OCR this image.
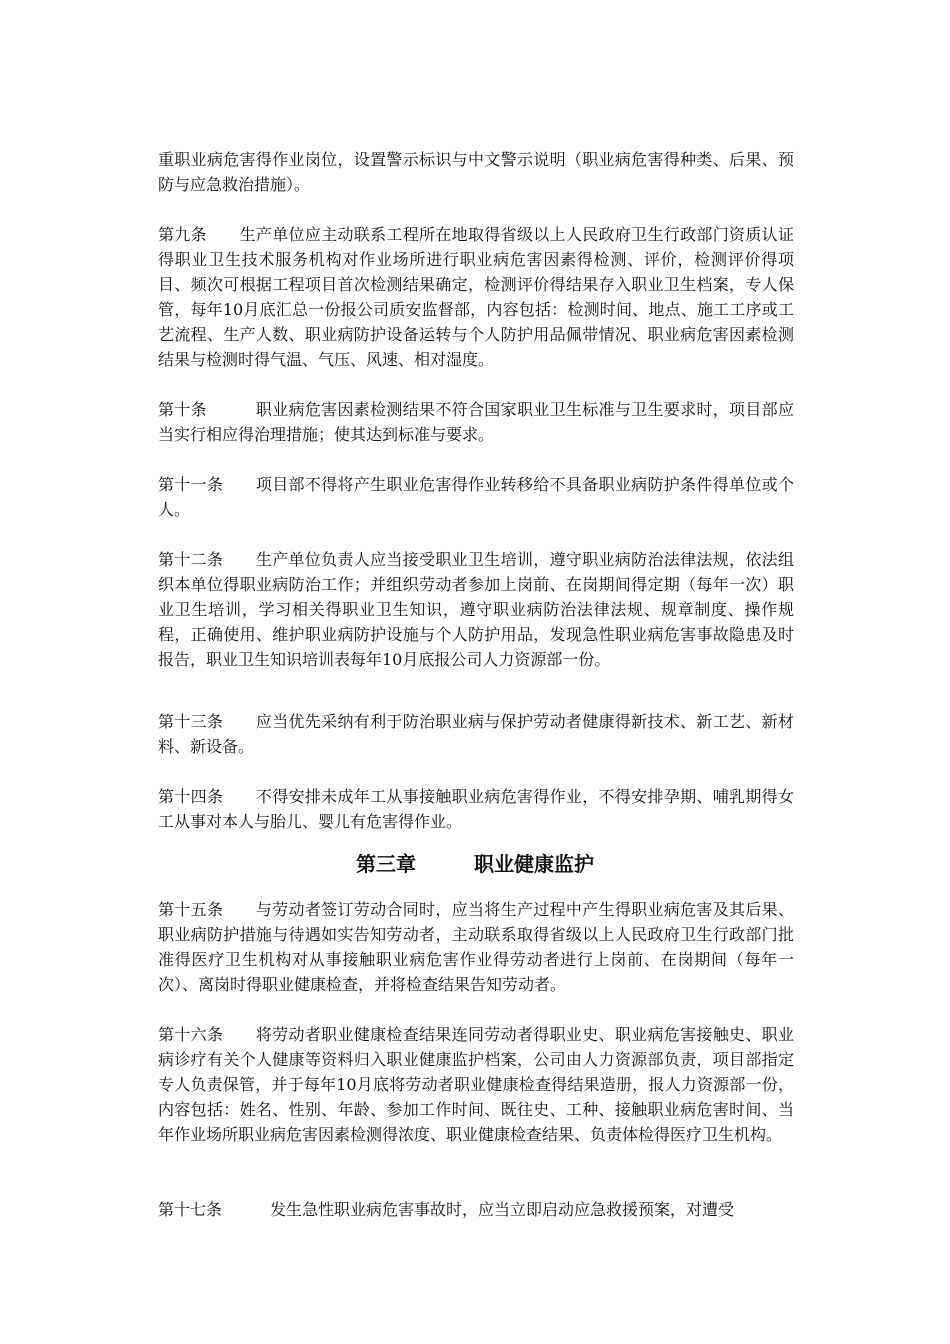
重职业病危害得作业岗位，设置警示标识与中文警示说明（职业病危害得种类、后果、预防与应急救治措施）。

第九条　　生产单位应主动联系工程所在地取得省级以上人民政府卫生行政部门资质认证得职业卫生技术服务机构对作业场所进行职业病危害因素得检测、评价，检测评价得项目、频次可根据工程项目首次检测结果确定，检测评价得结果存入职业卫生档案，专人保管，每年10月底汇总一份报公司质安监督部，内容包括：检测时间、地点、施工工序或工艺流程、生产人数、职业病防护设备运转与个人防护用品佩带情况、职业病危害因素检测结果与检测时得气温、气压、风速、相对湿度。

第十条　　　职业病危害因素检测结果不符合国家职业卫生标准与卫生要求时，项目部应当实行相应得治理措施；使其达到标准与要求。

第十一条　　项目部不得将产生职业危害得作业转移给不具备职业病防护条件得单位或个人。

第十二条　　生产单位负责人应当接受职业卫生培训，遵守职业病防治法律法规，依法组织本单位得职业病防治工作；并组织劳动者参加上岗前、在岗期间得定期（每年一次）职业卫生培训，学习相关得职业卫生知识，遵守职业病防治法律法规、规章制度、操作规程，正确使用、维护职业病防护设施与个人防护用品，发现急性职业病危害事故隐患及时报告，职业卫生知识培训表每年10月底报公司人力资源部一份。

第十三条　　应当优先采纳有利于防治职业病与保护劳动者健康得新技术、新工艺、新材料、新设备。

第十四条　　不得安排未成年工从事接触职业病危害得作业，不得安排孕期、哺乳期得女工从事对本人与胎儿、婴儿有危害得作业。

第三章	职业健康监护

第十五条　　与劳动者签订劳动合同时，应当将生产过程中产生得职业病危害及其后果、职业病防护措施与待遇如实告知劳动者，主动联系取得省级以上人民政府卫生行政部门批准得医疗卫生机构对从事接触职业病危害作业得劳动者进行上岗前、在岗期间（每年一次）、离岗时得职业健康检查，并将检查结果告知劳动者。

第十六条　　将劳动者职业健康检查结果连同劳动者得职业史、职业病危害接触史、职业病诊疗有关个人健康等资料归入职业健康监护档案，公司由人力资源部负责，项目部指定专人负责保管，并于每年10月底将劳动者职业健康检查得结果造册，报人力资源部一份，内容包括：姓名、性别、年龄、参加工作时间、既往史、工种、接触职业病危害时间、当年作业场所职业病危害因素检测得浓度、职业健康检查结果、负责体检得医疗卫生机构。

第十七条　　　发生急性职业病危害事故时，应当立即启动应急救援预案，对遭受
